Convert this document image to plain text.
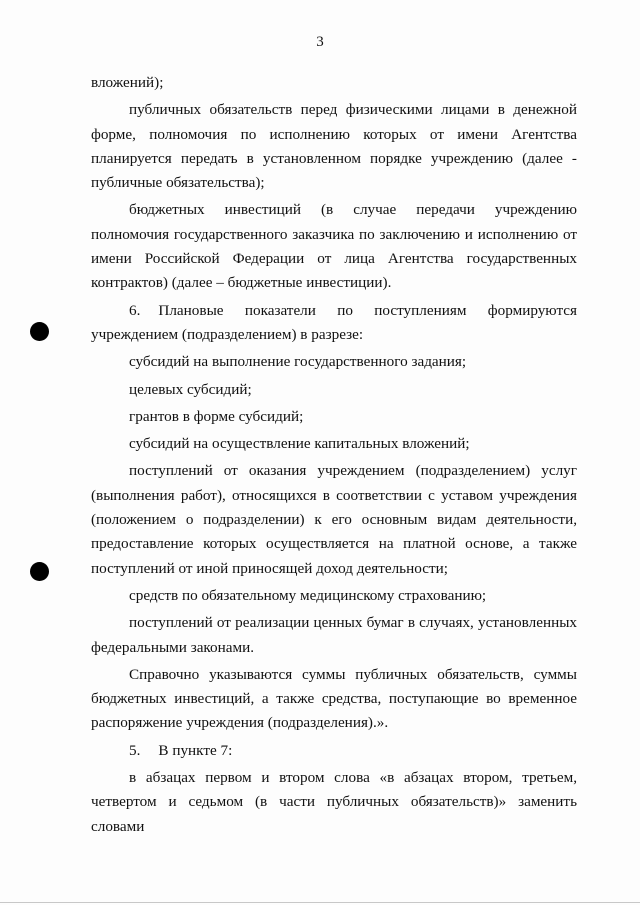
3

вложений);

публичных обязательств перед физическими лицами в денежной форме, полномочия по исполнению которых от имени Агентства планируется передать в установленном порядке учреждению (далее - публичные обязательства);

бюджетных инвестиций (в случае передачи учреждению полномочия государственного заказчика по заключению и исполнению от имени Российской Федерации от лица Агентства государственных контрактов) (далее – бюджетные инвестиции).

6. Плановые показатели по поступлениям формируются учреждением (подразделением) в разрезе:

субсидий на выполнение государственного задания;

целевых субсидий;

грантов в форме субсидий;

субсидий на осуществление капитальных вложений;

поступлений от оказания учреждением (подразделением) услуг (выполнения работ), относящихся в соответствии с уставом учреждения (положением о подразделении) к его основным видам деятельности, предоставление которых осуществляется на платной основе, а также поступлений от иной приносящей доход деятельности;

средств по обязательному медицинскому страхованию;

поступлений от реализации ценных бумаг в случаях, установленных федеральными законами.

Справочно указываются суммы публичных обязательств, суммы бюджетных инвестиций, а также средства, поступающие во временное распоряжение учреждения (подразделения).».

5. В пункте 7:

в абзацах первом и втором слова «в абзацах втором, третьем, четвертом и седьмом (в части публичных обязательств)» заменить словами
